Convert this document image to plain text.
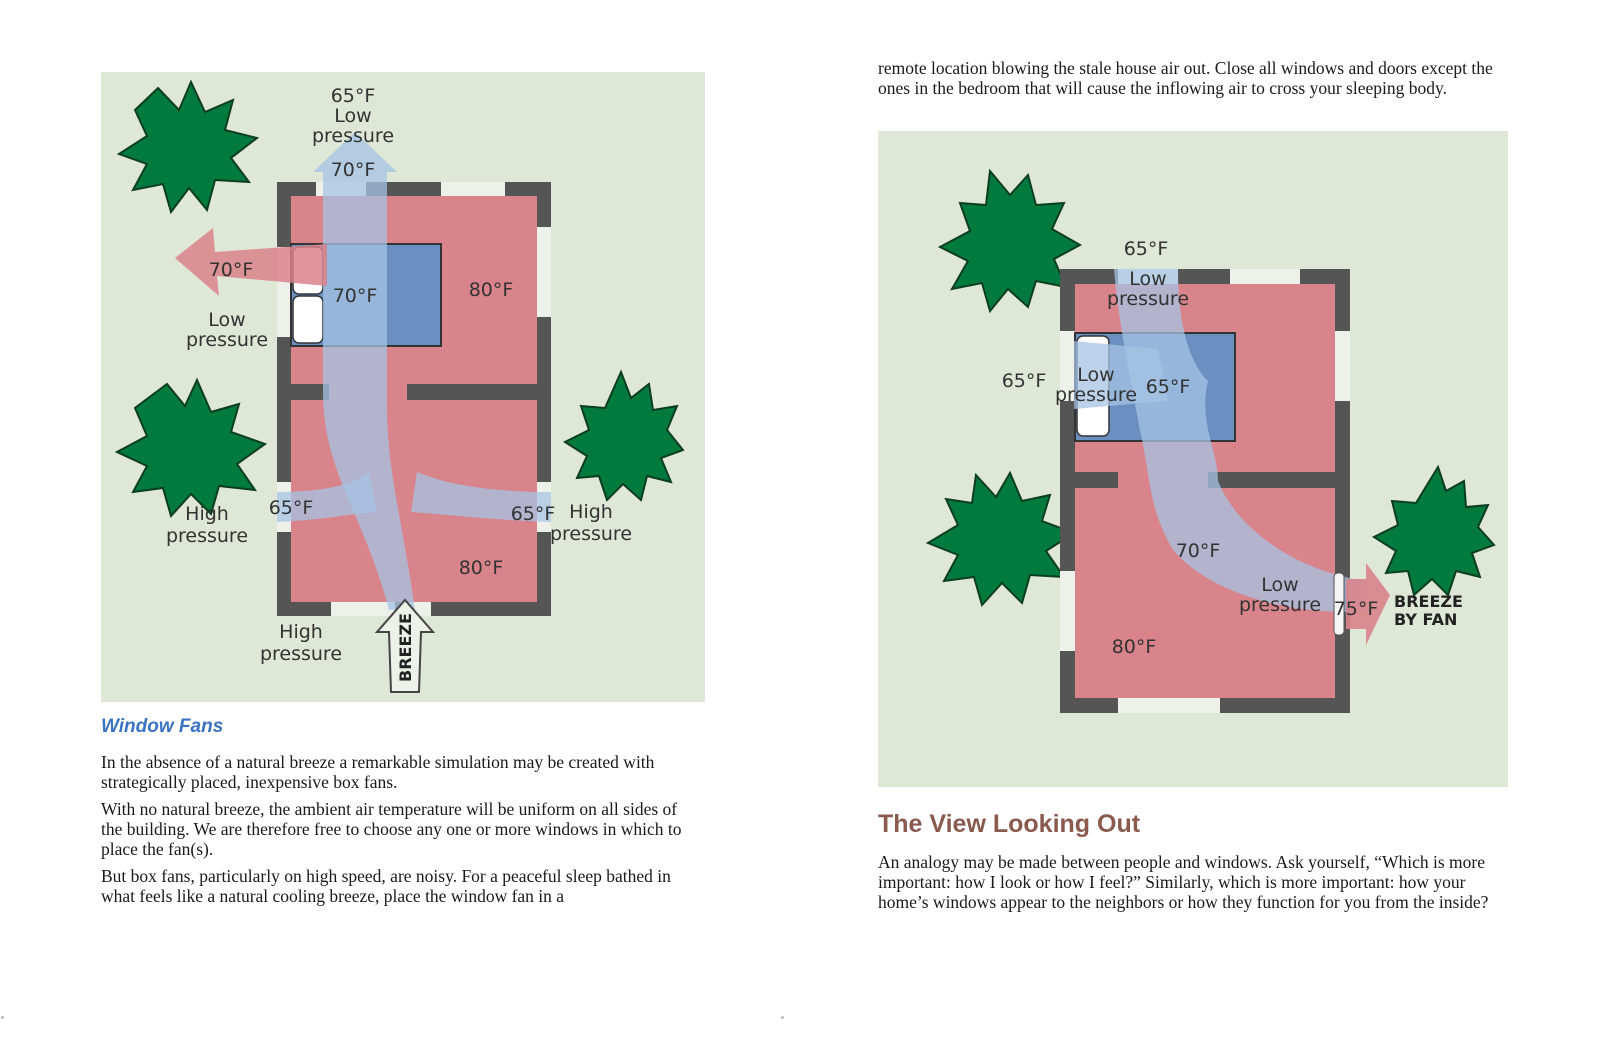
65°F
Low
pressure
70°F
70°F
70°F	80°F
Low
pressure
High
pressure
65°F	65°F High
pressure
80°F
High
pressure	BREEZE

Window Fans

In the absence of a natural breeze a remarkable simulation may be created with strategically placed, inexpensive box fans.

With no natural breeze, the ambient air temperature will be uniform on all sides of the building. We are therefore free to choose any one or more windows in which to place the fan(s).

But box fans, particularly on high speed, are noisy. For a peaceful sleep bathed in what feels like a natural cooling breeze, place the window fan in a

remote location blowing the stale house air out. Close all windows and doors except the ones in the bedroom that will cause the inflowing air to cross your sleeping body.

65°F
Low
pressure
65°F Low
pressure 65°F
70°F
Low
pressure 75°F BREEZE
BY FAN
80°F

The View Looking Out

An analogy may be made between people and windows. Ask yourself, “Which is more important: how I look or how I feel?” Similarly, which is more important: how your home’s windows appear to the neighbors or how they function for you from the inside?
